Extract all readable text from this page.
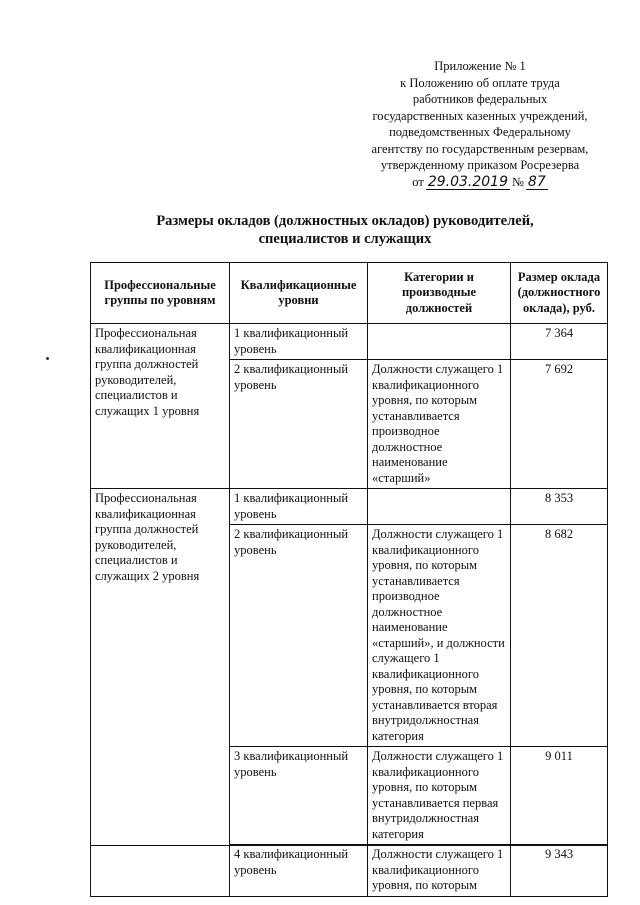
Приложение № 1
к Положению об оплате труда
работников федеральных
государственных казенных учреждений,
подведомственных Федеральному
агентству по государственным резервам,
утвержденному приказом Росрезерва
от 29.03.2019 № 87
Размеры окладов (должностных окладов) руководителей,
специалистов и служащих
Профессиональные группы по уровням	Квалификационные уровни	Категории и производные должностей	Размер оклада (должностного оклада), руб.
Профессиональная квалификационная группа должностей руководителей, специалистов и служащих 1 уровня	1 квалификационный уровень		7 364
	2 квалификационный уровень	Должности служащего 1 квалификационного уровня, по которым устанавливается производное должностное наименование «старший»	7 692
Профессиональная квалификационная группа должностей руководителей, специалистов и служащих 2 уровня	1 квалификационный уровень		8 353
	2 квалификационный уровень	Должности служащего 1 квалификационного уровня, по которым устанавливается производное должностное наименование «старший», и должности служащего 1 квалификационного уровня, по которым устанавливается вторая внутридолжностная категория	8 682
	3 квалификационный уровень	Должности служащего 1 квалификационного уровня, по которым устанавливается первая внутридолжностная категория	9 011
	4 квалификационный уровень	Должности служащего 1 квалификационного уровня, по которым	9 343
